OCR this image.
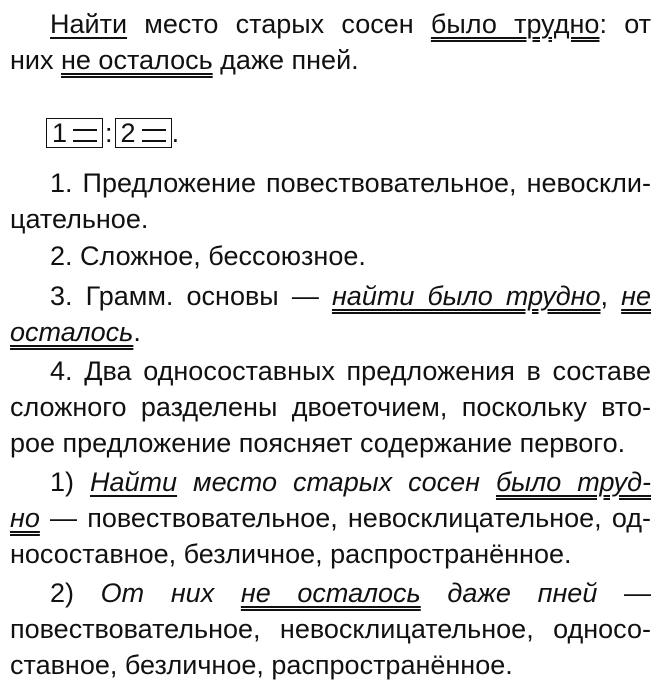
Найти место старых сосен было трудно: от
них не осталось даже пней.
1 : 2 .
1. Предложение повествовательное, невоскли-
цательное.
2. Сложное, бессоюзное.
3. Грамм. основы — найти было трудно, не
осталось.
4. Два односоставных предложения в составе
сложного разделены двоеточием, поскольку вто-
рое предложение поясняет содержание первого.
1) Найти место старых сосен было труд-
но — повествовательное, невосклицательное, од-
носоставное, безличное, распространённое.
2) От них не осталось даже пней —
повествовательное, невосклицательное, односо-
ставное, безличное, распространённое.
